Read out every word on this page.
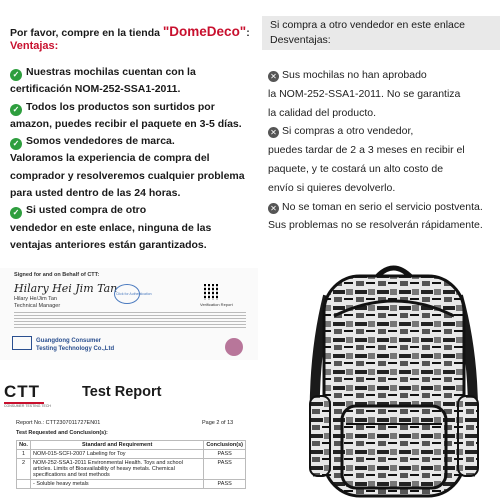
Por favor, compre en la tienda "DomeDeco":
Ventajas:
✓ Nuestras mochilas cuentan con la
certificación NOM-252-SSA1-2011.
✓ Todos los productos son surtidos por
amazon, puedes recibir el paquete en 3-5 días.
✓ Somos vendedores de marca.
Valoramos la experiencia de compra del
comprador y resolveremos cualquier problema
para usted dentro de las 24 horas.
✓ Si usted compra de otro
vendedor en este enlace, ninguna de las
ventajas anteriores están garantizados.
Si compra a otro vendedor en este enlace
Desventajas:
✕ Sus mochilas no han aprobado
la NOM-252-SSA1-2011. No se garantiza
la calidad del producto.
✕ Si compras a otro vendedor,
puedes tardar de 2 a 3 meses en recibir el
paquete, y te costará un alto costo de
envío si quieres devolverlo.
✕ No se toman en serio el servicio postventa.
Sus problemas no se resolverán rápidamente.
Signed for and on Behalf of CTT:
Hilary Hei Jim Tan
Hilary He/Jim Tan
Technical Manager
Click for Authentication
Verification Report
Guangdong Consumer
Testing Technology Co.,Ltd
CTT
CONSUMER TESTING TECH
Test Report
Report No.: CTT2307011727EN01	Page 2 of 13
Test Requested and Conclusion(s):
No.	Standard and Requirement	Conclusion(s)
1	NOM-015-SCFI-2007 Labeling for Toy	PASS
2	NOM-252-SSA1-2011 Environmental Health. Toys and school articles. Limits of Bioavailability of heavy metals. Chemical specifications and test methods	PASS
	- Soluble heavy metals	PASS
